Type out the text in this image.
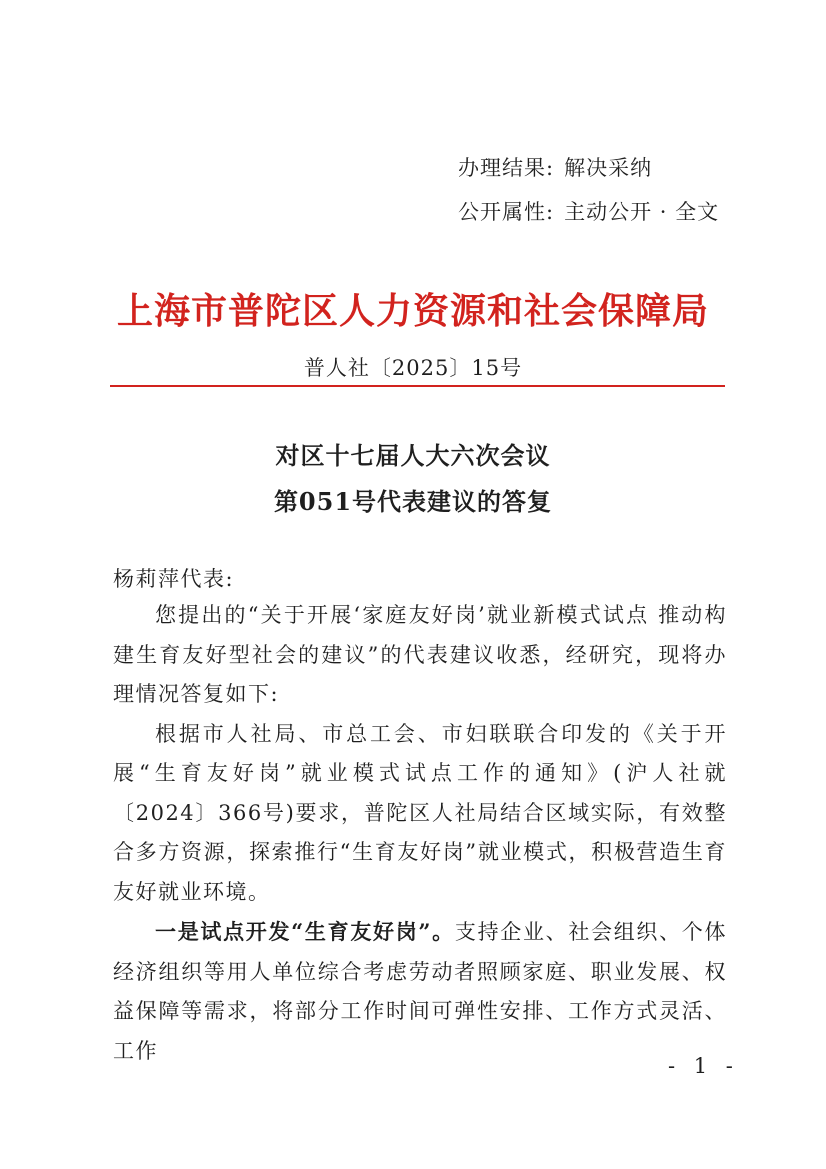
办理结果: 解决采纳
公开属性: 主动公开 · 全文
上海市普陀区人力资源和社会保障局
普人社〔2025〕15号
对区十七届人大六次会议
第051号代表建议的答复
杨莉萍代表:

您提出的“关于开展‘家庭友好岗’就业新模式试点 推动构建生育友好型社会的建议”的代表建议收悉，经研究，现将办理情况答复如下:

根据市人社局、市总工会、市妇联联合印发的《关于开展“生育友好岗”就业模式试点工作的通知》(沪人社就〔2024〕366号)要求，普陀区人社局结合区域实际，有效整合多方资源，探索推行“生育友好岗”就业模式，积极营造生育友好就业环境。

一是试点开发“生育友好岗”。支持企业、社会组织、个体经济组织等用人单位综合考虑劳动者照顾家庭、职业发展、权益保障等需求，将部分工作时间可弹性安排、工作方式灵活、工作

- 1 -
